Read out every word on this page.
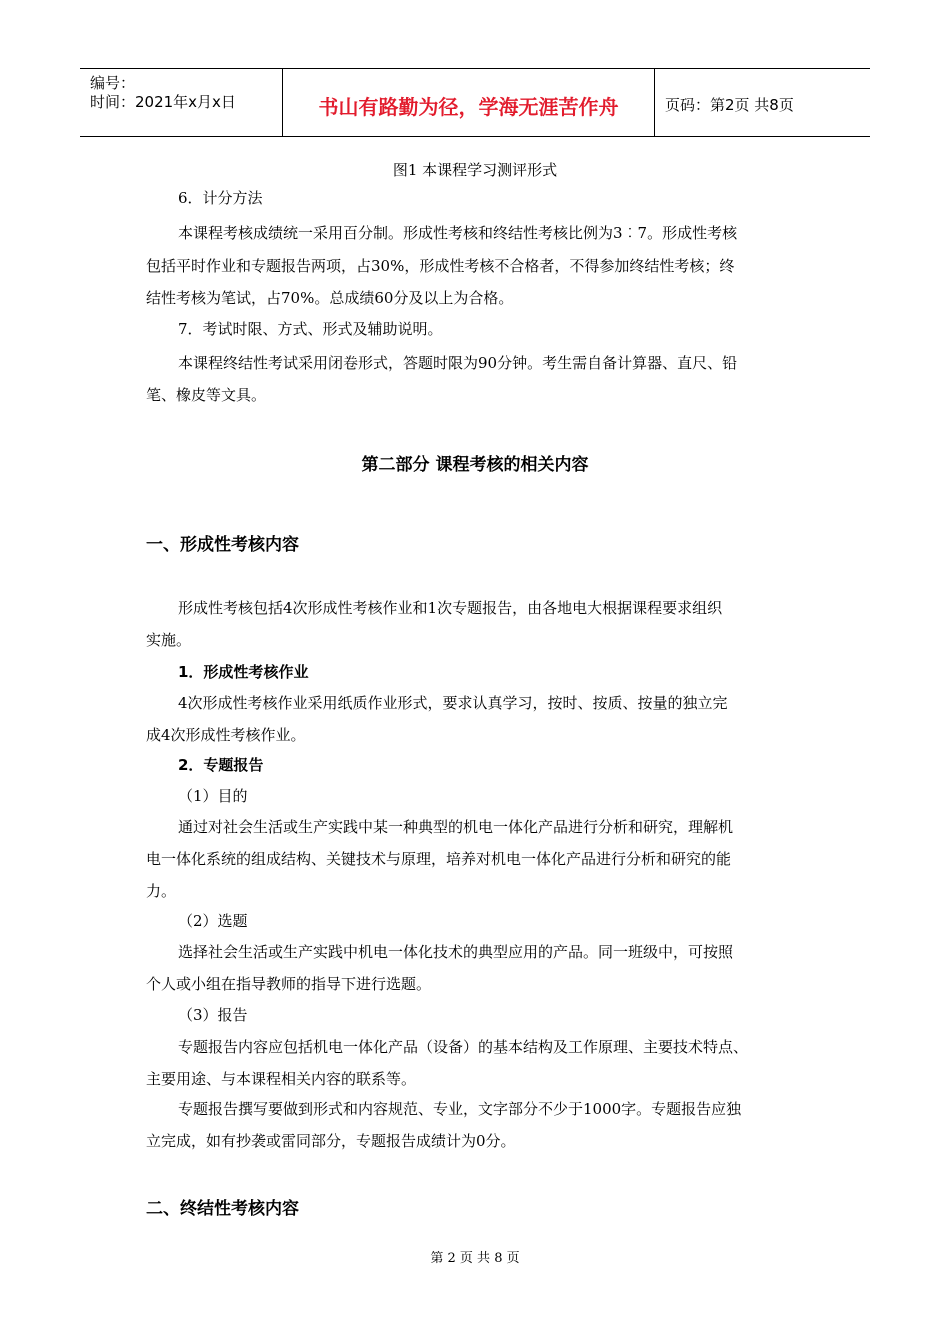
编号：
时间：2021年x月x日	书山有路勤为径，学海无涯苦作舟	页码：第2页 共8页
图1 本课程学习测评形式
6．计分方法
本课程考核成绩统一采用百分制。形成性考核和终结性考核比例为3︰7。形成性考核
包括平时作业和专题报告两项，占30%，形成性考核不合格者，不得参加终结性考核；终
结性考核为笔试，占70%。总成绩60分及以上为合格。
7．考试时限、方式、形式及辅助说明。
本课程终结性考试采用闭卷形式，答题时限为90分钟。考生需自备计算器、直尺、铅
笔、橡皮等文具。
第二部分 课程考核的相关内容
一、形成性考核内容
形成性考核包括4次形成性考核作业和1次专题报告，由各地电大根据课程要求组织
实施。
1．形成性考核作业
4次形成性考核作业采用纸质作业形式，要求认真学习，按时、按质、按量的独立完
成4次形成性考核作业。
2．专题报告
（1）目的
通过对社会生活或生产实践中某一种典型的机电一体化产品进行分析和研究，理解机
电一体化系统的组成结构、关键技术与原理，培养对机电一体化产品进行分析和研究的能
力。
（2）选题
选择社会生活或生产实践中机电一体化技术的典型应用的产品。同一班级中，可按照
个人或小组在指导教师的指导下进行选题。
（3）报告
专题报告内容应包括机电一体化产品（设备）的基本结构及工作原理、主要技术特点、
主要用途、与本课程相关内容的联系等。
专题报告撰写要做到形式和内容规范、专业，文字部分不少于1000字。专题报告应独
立完成，如有抄袭或雷同部分，专题报告成绩计为0分。
二、终结性考核内容
第 2 页 共 8 页
